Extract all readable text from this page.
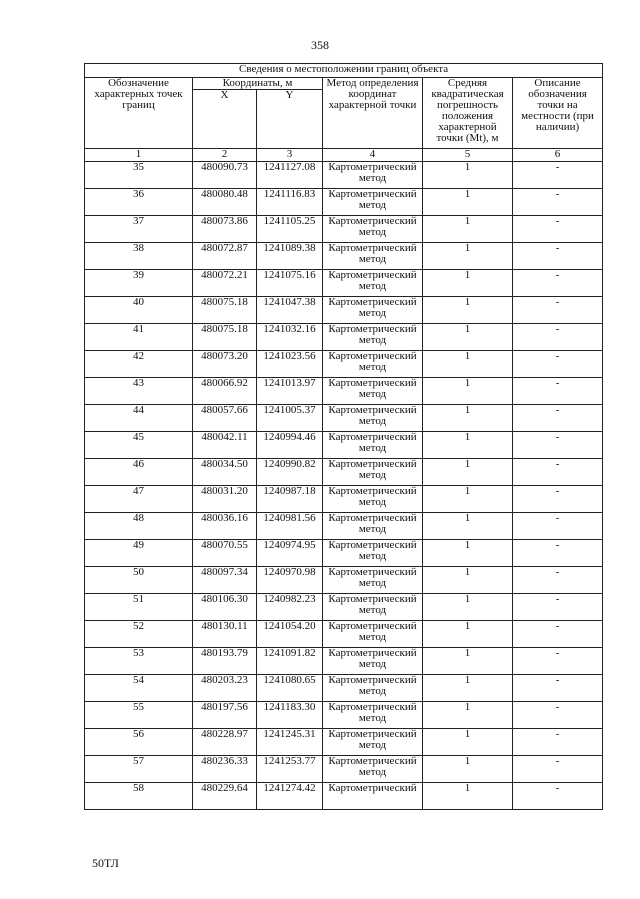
358
Сведения о местоположении границ объекта					
Обозначение характерных точек границ	Координаты, м		Метод определения координат характерной точки	Средняя квадратическая погрешность положения характерной точки (Mt), м	Описание обозначения точки на местности (при наличии)
	X	Y			
1	2	3	4	5	6
35	480090.73	1241127.08	Картометрический метод	1	-
36	480080.48	1241116.83	Картометрический метод	1	-
37	480073.86	1241105.25	Картометрический метод	1	-
38	480072.87	1241089.38	Картометрический метод	1	-
39	480072.21	1241075.16	Картометрический метод	1	-
40	480075.18	1241047.38	Картометрический метод	1	-
41	480075.18	1241032.16	Картометрический метод	1	-
42	480073.20	1241023.56	Картометрический метод	1	-
43	480066.92	1241013.97	Картометрический метод	1	-
44	480057.66	1241005.37	Картометрический метод	1	-
45	480042.11	1240994.46	Картометрический метод	1	-
46	480034.50	1240990.82	Картометрический метод	1	-
47	480031.20	1240987.18	Картометрический метод	1	-
48	480036.16	1240981.56	Картометрический метод	1	-
49	480070.55	1240974.95	Картометрический метод	1	-
50	480097.34	1240970.98	Картометрический метод	1	-
51	480106.30	1240982.23	Картометрический метод	1	-
52	480130.11	1241054.20	Картометрический метод	1	-
53	480193.79	1241091.82	Картометрический метод	1	-
54	480203.23	1241080.65	Картометрический метод	1	-
55	480197.56	1241183.30	Картометрический метод	1	-
56	480228.97	1241245.31	Картометрический метод	1	-
57	480236.33	1241253.77	Картометрический метод	1	-
58	480229.64	1241274.42	Картометрический	1	-
50ТЛ
